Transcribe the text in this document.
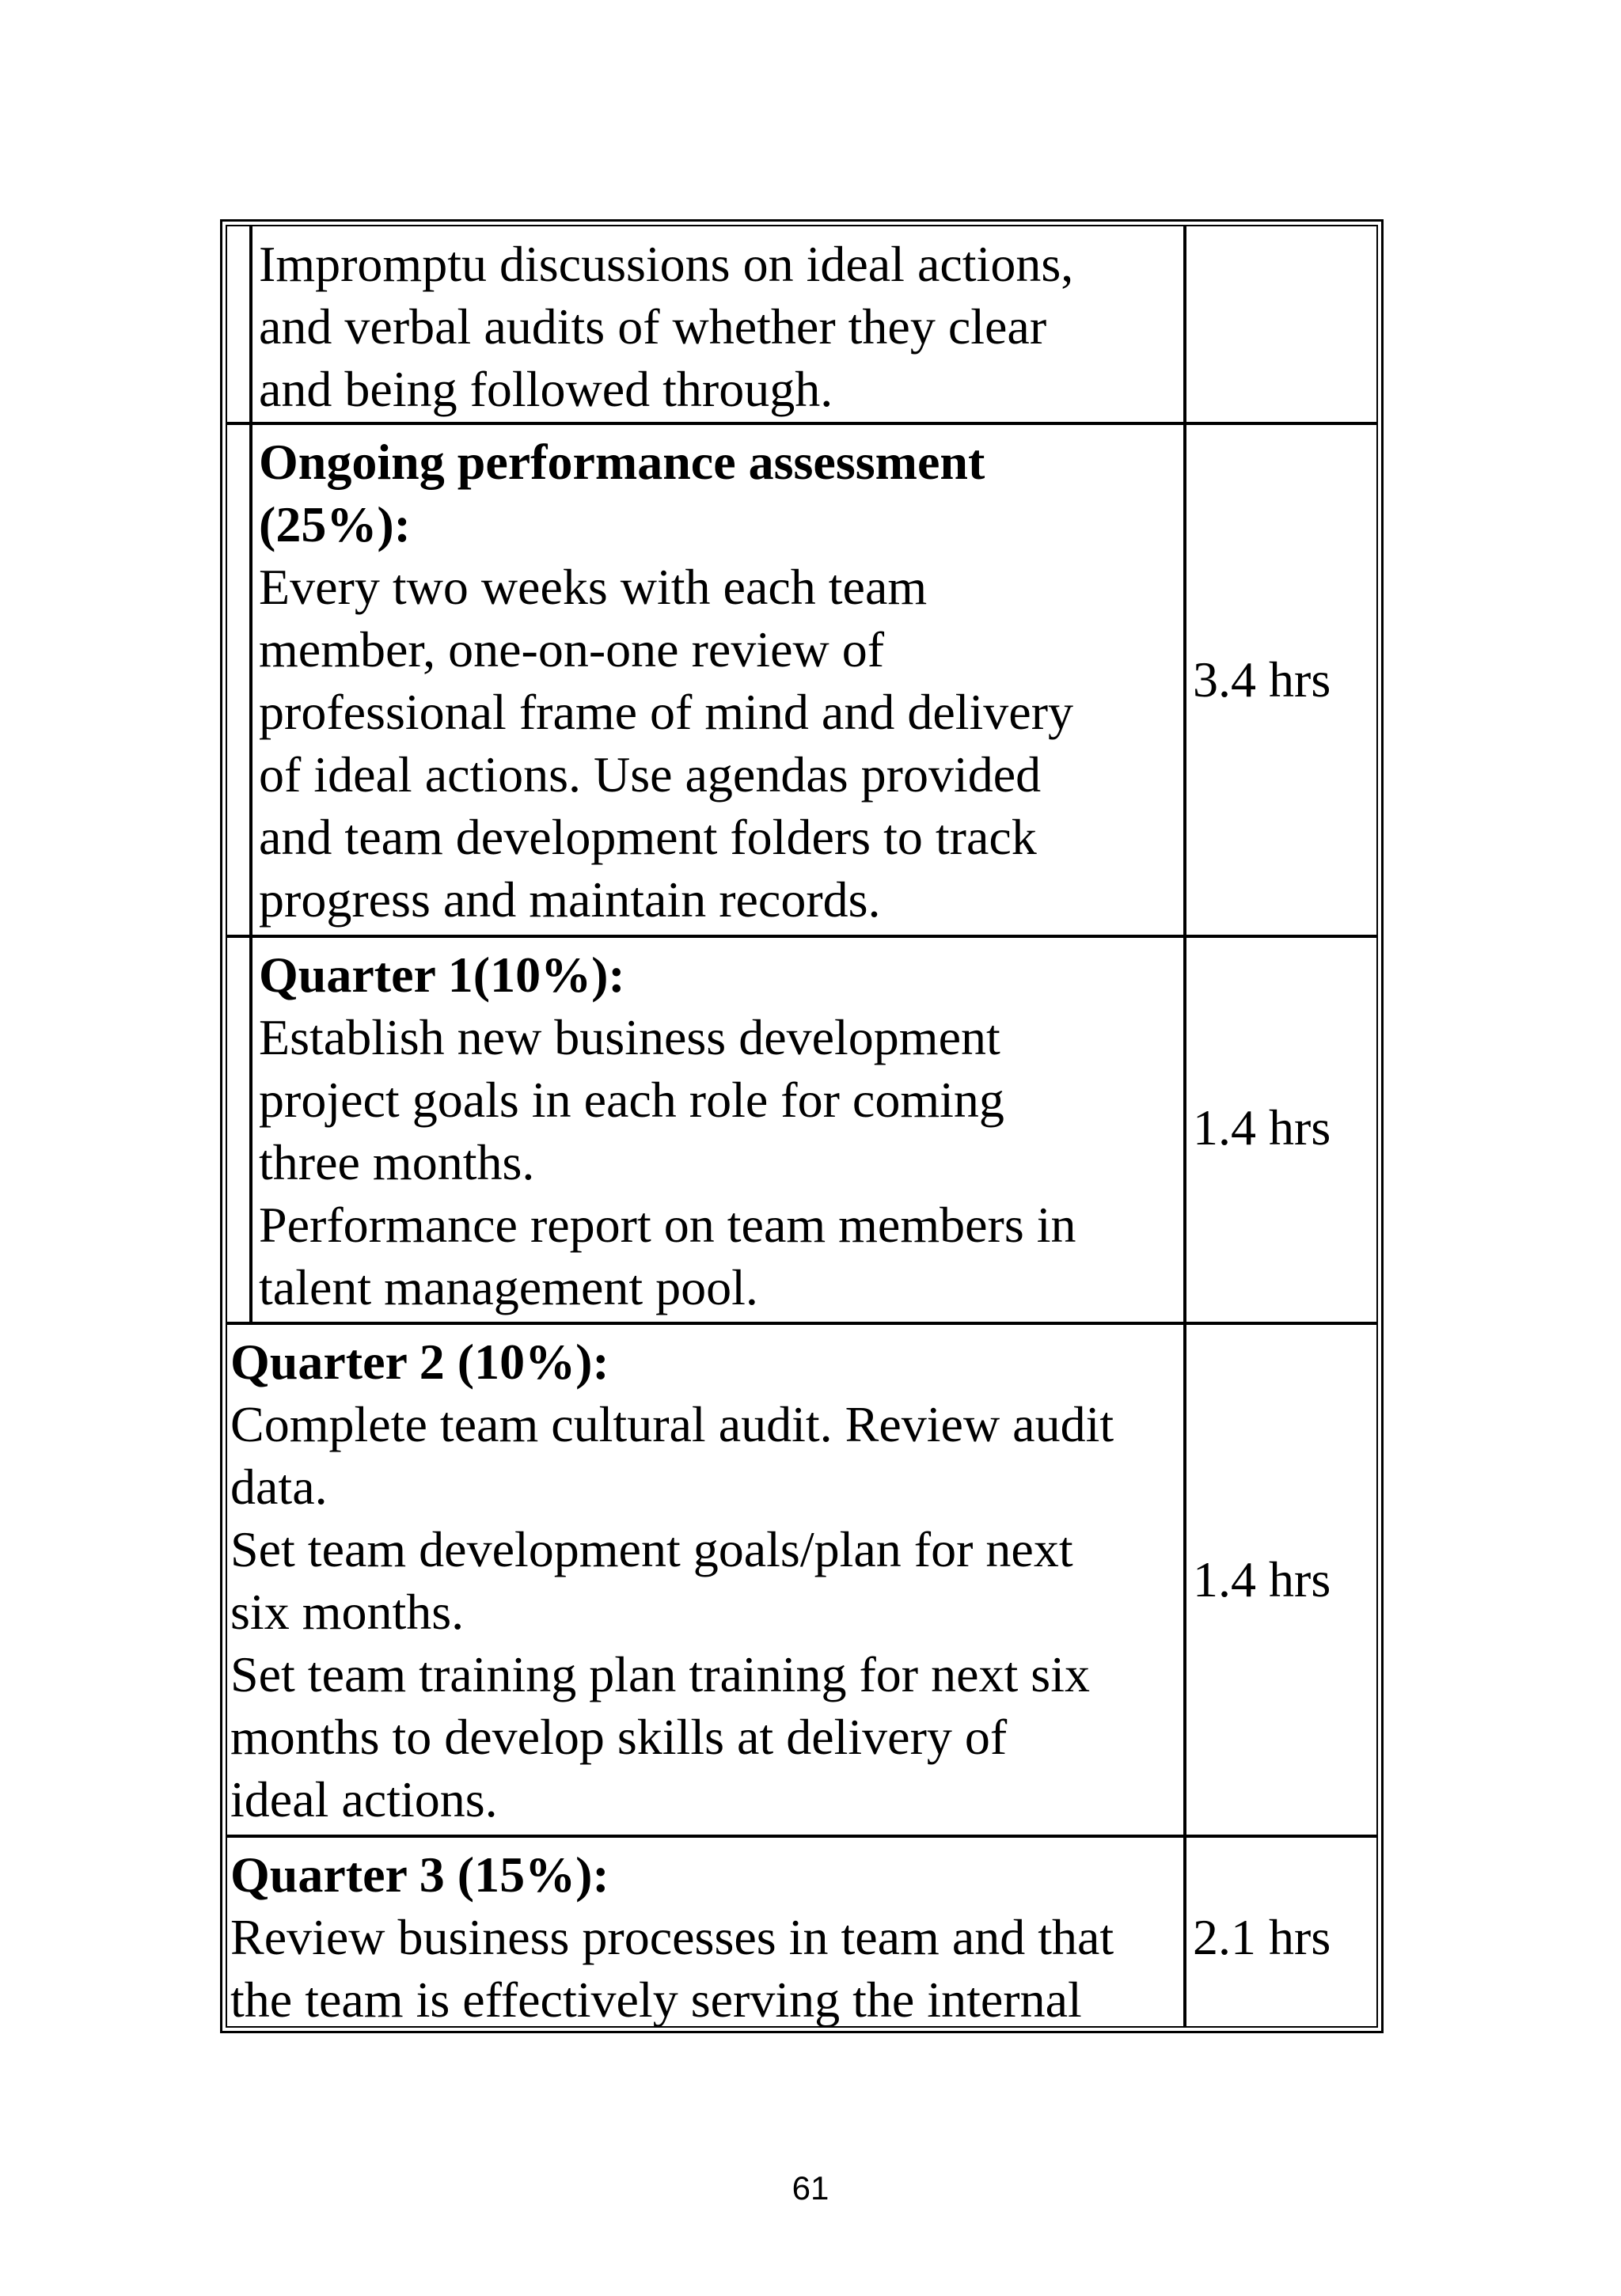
Impromptu discussions on ideal actions,
and verbal audits of whether they clear
and being followed through.
Ongoing performance assessment
(25%):
Every two weeks with each team
member, one-on-one review of
professional frame of mind and delivery
of ideal actions. Use agendas provided
and team development folders to track
progress and maintain records.
3.4 hrs
Quarter 1(10%):
Establish new business development
project goals in each role for coming
three months.
Performance report on team members in
talent management pool.
1.4 hrs
Quarter 2 (10%):
Complete team cultural audit. Review audit
data.
Set team development goals/plan for next
six months.
Set team training plan training for next six
months to develop skills at delivery of
ideal actions.
1.4 hrs
Quarter 3 (15%):
Review business processes in team and that
the team is effectively serving the internal
2.1 hrs
61
